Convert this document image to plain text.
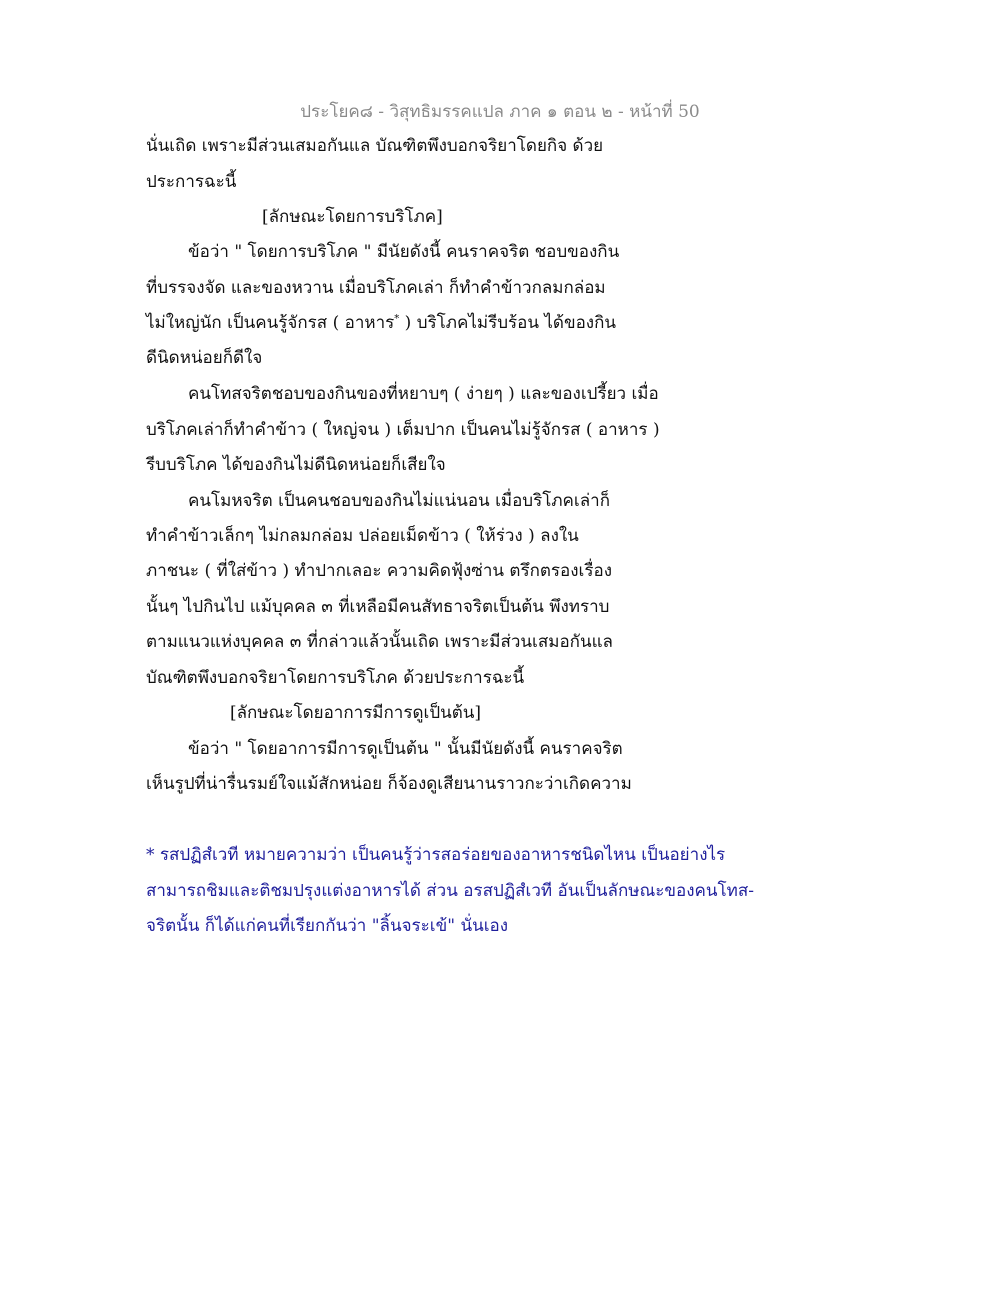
ประโยค๘ - วิสุทธิมรรคแปล ภาค ๑ ตอน ๒ - หน้าที่ 50
นั่นเถิด เพราะมีส่วนเสมอกันแล บัณฑิตพึงบอกจริยาโดยกิจ ด้วย
ประการฉะนี้
[ลักษณะโดยการบริโภค]
ข้อว่า " โดยการบริโภค " มีนัยดังนี้ คนราคจริต ชอบของกิน
ที่บรรจงจัด และของหวาน เมื่อบริโภคเล่า ก็ทำคำข้าวกลมกล่อม
ไม่ใหญ่นัก เป็นคนรู้จักรส ( อาหาร* ) บริโภคไม่รีบร้อน ได้ของกิน
ดีนิดหน่อยก็ดีใจ
คนโทสจริตชอบของกินของที่หยาบๆ ( ง่ายๆ ) และของเปรี้ยว เมื่อ
บริโภคเล่าก็ทำคำข้าว ( ใหญ่จน ) เต็มปาก เป็นคนไม่รู้จักรส ( อาหาร )
รีบบริโภค ได้ของกินไม่ดีนิดหน่อยก็เสียใจ
คนโมหจริต เป็นคนชอบของกินไม่แน่นอน เมื่อบริโภคเล่าก็
ทำคำข้าวเล็กๆ ไม่กลมกล่อม ปล่อยเม็ดข้าว ( ให้ร่วง ) ลงใน
ภาชนะ ( ที่ใส่ข้าว ) ทำปากเลอะ ความคิดฟุ้งซ่าน ตรึกตรองเรื่อง
นั้นๆ ไปกินไป แม้บุคคล ๓ ที่เหลือมีคนสัทธาจริตเป็นต้น พึงทราบ
ตามแนวแห่งบุคคล ๓ ที่กล่าวแล้วนั้นเถิด เพราะมีส่วนเสมอกันแล
บัณฑิตพึงบอกจริยาโดยการบริโภค ด้วยประการฉะนี้
[ลักษณะโดยอาการมีการดูเป็นต้น]
ข้อว่า " โดยอาการมีการดูเป็นต้น " นั้นมีนัยดังนี้ คนราคจริต
เห็นรูปที่น่ารื่นรมย์ใจแม้สักหน่อย ก็จ้องดูเสียนานราวกะว่าเกิดความ
* รสปฏิสํเวที หมายความว่า เป็นคนรู้ว่ารสอร่อยของอาหารชนิดไหน เป็นอย่างไร
สามารถชิมและติชมปรุงแต่งอาหารได้ ส่วน อรสปฏิสํเวที อันเป็นลักษณะของคนโทส-
จริตนั้น ก็ได้แก่คนที่เรียกกันว่า "ลิ้นจระเข้" นั่นเอง
